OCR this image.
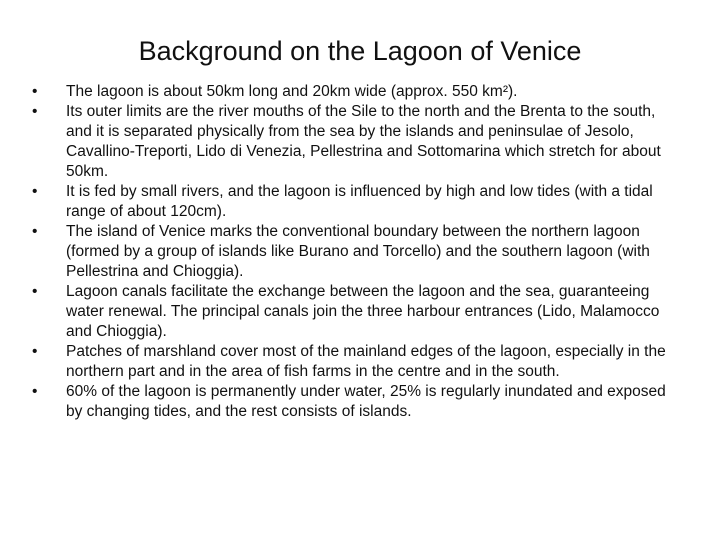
Background on the Lagoon of Venice
•	The lagoon is about 50km long and 20km wide (approx. 550 km²).
•	Its outer limits are the river mouths of the Sile to the north and the Brenta to the south, and it is separated physically from the sea by the islands and peninsulae of Jesolo, Cavallino-Treporti, Lido di Venezia, Pellestrina and Sottomarina which stretch for about 50km.
•	It is fed by small rivers, and the lagoon is influenced by high and low tides (with a tidal range of about 120cm).
•	The island of Venice marks the conventional boundary between the northern lagoon (formed by a group of islands like Burano and Torcello) and the southern lagoon (with Pellestrina and Chioggia).
•	Lagoon canals facilitate the exchange between the lagoon and the sea, guaranteeing water renewal. The principal canals join the three harbour entrances (Lido, Malamocco and Chioggia).
•	Patches of marshland cover most of the mainland edges of the lagoon, especially in the northern part and in the area of fish farms in the centre and in the south.
•	60% of the lagoon is permanently under water, 25% is regularly inundated and exposed by changing tides, and the rest consists of islands.
